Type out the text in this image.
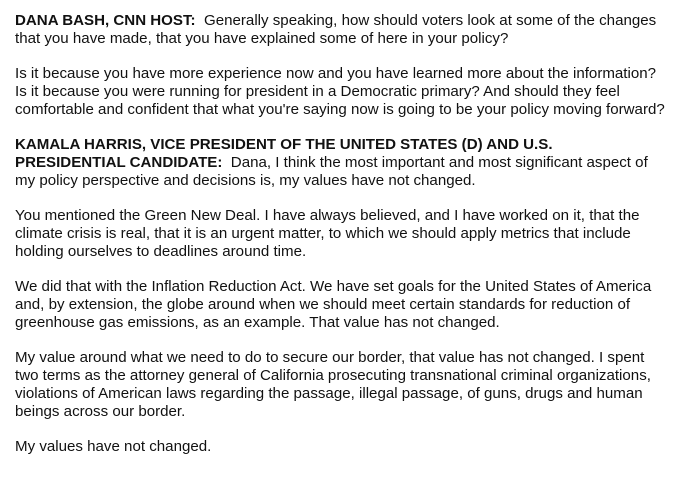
DANA BASH, CNN HOST: Generally speaking, how should voters look at some of the changes that you have made, that you have explained some of here in your policy?

Is it because you have more experience now and you have learned more about the information? Is it because you were running for president in a Democratic primary? And should they feel comfortable and confident that what you're saying now is going to be your policy moving forward?

KAMALA HARRIS, VICE PRESIDENT OF THE UNITED STATES (D) AND U.S. PRESIDENTIAL CANDIDATE: Dana, I think the most important and most significant aspect of my policy perspective and decisions is, my values have not changed.

You mentioned the Green New Deal. I have always believed, and I have worked on it, that the climate crisis is real, that it is an urgent matter, to which we should apply metrics that include holding ourselves to deadlines around time.

We did that with the Inflation Reduction Act. We have set goals for the United States of America and, by extension, the globe around when we should meet certain standards for reduction of greenhouse gas emissions, as an example. That value has not changed.

My value around what we need to do to secure our border, that value has not changed. I spent two terms as the attorney general of California prosecuting transnational criminal organizations, violations of American laws regarding the passage, illegal passage, of guns, drugs and human beings across our border.

My values have not changed.
